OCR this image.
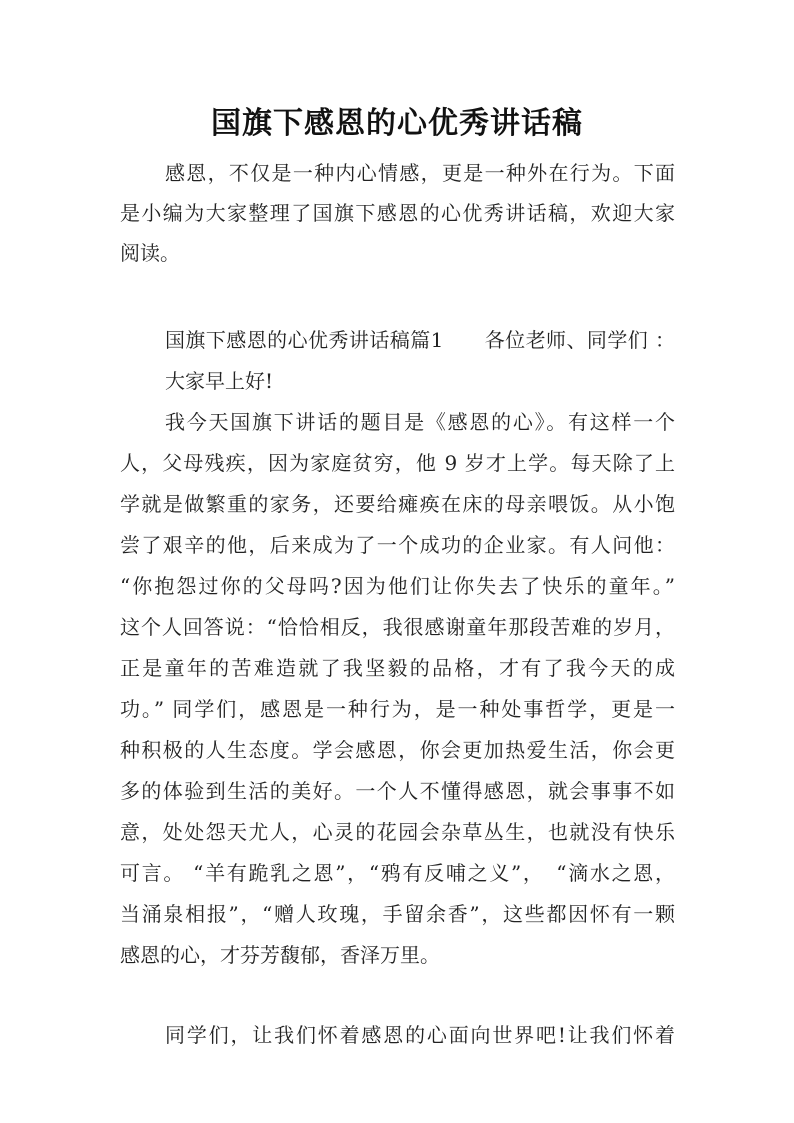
国旗下感恩的心优秀讲话稿
感恩，不仅是一种内心情感，更是一种外在行为。下面
是小编为大家整理了国旗下感恩的心优秀讲话稿，欢迎大家
阅读。
国旗下感恩的心优秀讲话稿篇1　　各位老师、同学们 ：
大家早上好!
我今天国旗下讲话的题目是《感恩的心》。有这样一个
人，父母残疾，因为家庭贫穷，他 9 岁才上学。每天除了上
学就是做繁重的家务，还要给瘫痪在床的母亲喂饭。从小饱
尝了艰辛的他，后来成为了一个成功的企业家。有人问他：
“你抱怨过你的父母吗?因为他们让你失去了快乐的童年。”
这个人回答说：“恰恰相反，我很感谢童年那段苦难的岁月，
正是童年的苦难造就了我坚毅的品格，才有了我今天的成
功。” 同学们，感恩是一种行为，是一种处事哲学，更是一
种积极的人生态度。学会感恩，你会更加热爱生活，你会更
多的体验到生活的美好。一个人不懂得感恩，就会事事不如
意，处处怨天尤人，心灵的花园会杂草丛生，也就没有快乐
可言。 “羊有跪乳之恩”，“鸦有反哺之义”，　“滴水之恩，
当涌泉相报”，“赠人玫瑰，手留余香”，这些都因怀有一颗
感恩的心，才芬芳馥郁，香泽万里。
同学们，让我们怀着感恩的心面向世界吧!让我们怀着
